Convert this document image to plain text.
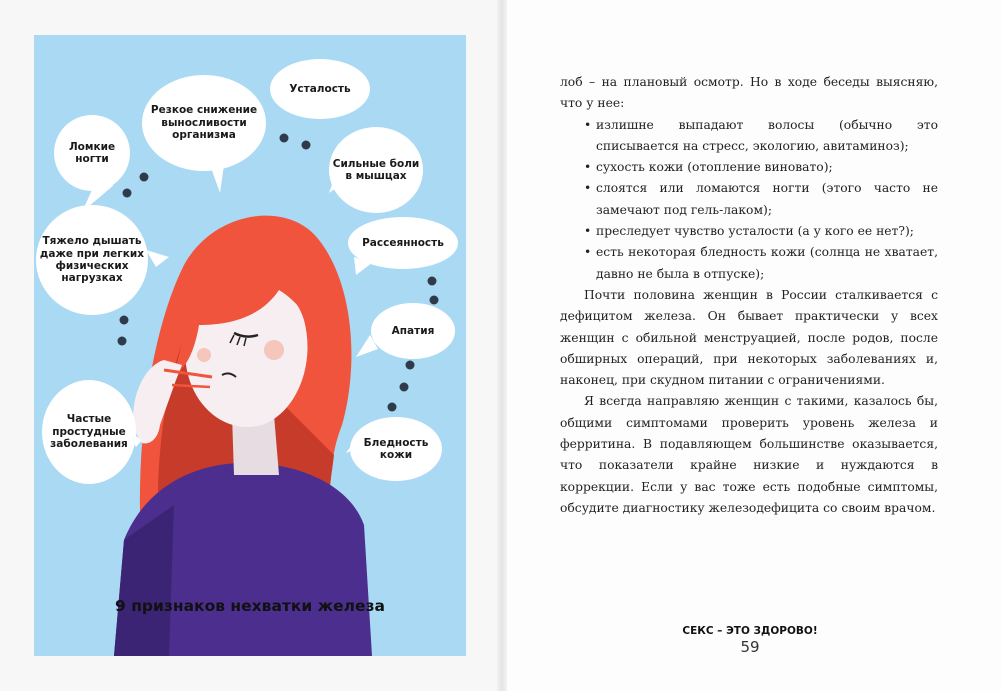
Ломкие ногти
Резкое снижение выносливости организма
Усталость
Сильные боли в мышцах
Рассеянность
Апатия
Бледность кожи
Частые простудные заболевания
Тяжело дышать даже при легких физических нагрузках
9 признаков нехватки железа

лоб – на плановый осмотр. Но в ходе беседы выясняю, что у нее:

• излишне выпадают волосы (обычно это списывается на стресс, экологию, авитаминоз);
• сухость кожи (отопление виновато);
• слоятся или ломаются ногти (этого часто не замечают под гель-лаком);
• преследует чувство усталости (а у кого ее нет?);
• есть некоторая бледность кожи (солнца не хватает, давно не была в отпуске);

Почти половина женщин в России сталкивается с дефицитом железа. Он бывает практически у всех женщин с обильной менструацией, после родов, после обширных операций, при некоторых заболеваниях и, наконец, при скудном питании с ограничениями.

Я всегда направляю женщин с такими, казалось бы, общими симптомами проверить уровень железа и ферритина. В подавляющем большинстве оказывается, что показатели крайне низкие и нуждаются в коррекции. Если у вас тоже есть подобные симптомы, обсудите диагностику железодефицита со своим врачом.

СЕКС – ЭТО ЗДОРОВО!
59
